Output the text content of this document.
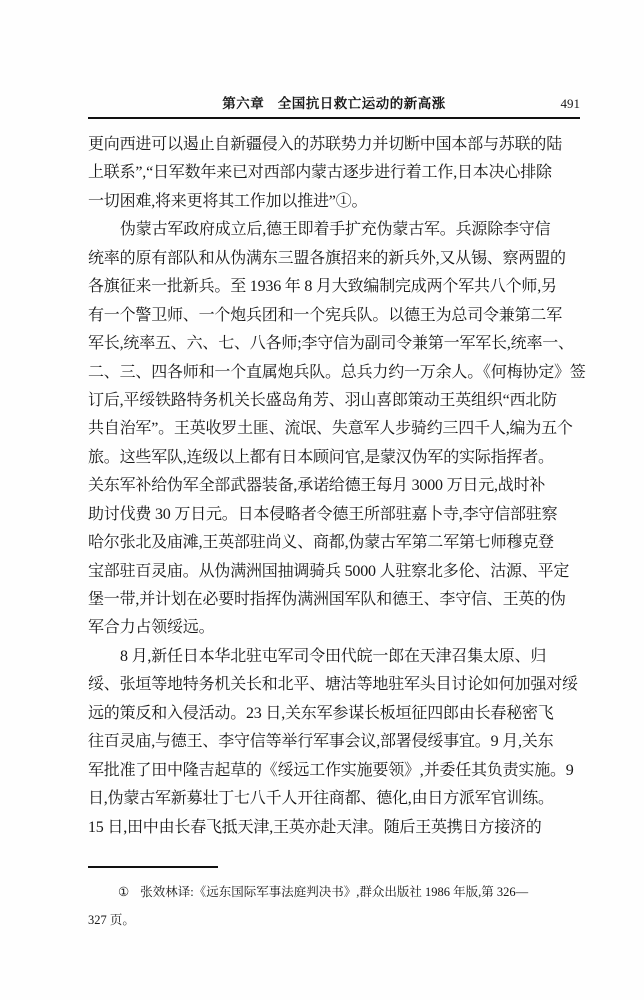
第六章 全国抗日救亡运动的新高涨	491
更向西进可以遏止自新疆侵入的苏联势力并切断中国本部与苏联的陆
上联系”,“日军数年来已对西部内蒙古逐步进行着工作,日本决心排除
一切困难,将来更将其工作加以推进”①。
伪蒙古军政府成立后,德王即着手扩充伪蒙古军。兵源除李守信
统率的原有部队和从伪满东三盟各旗招来的新兵外,又从锡、察两盟的
各旗征来一批新兵。至 1936 年 8 月大致编制完成两个军共八个师,另
有一个警卫师、一个炮兵团和一个宪兵队。以德王为总司令兼第二军
军长,统率五、六、七、八各师;李守信为副司令兼第一军军长,统率一、
二、三、四各师和一个直属炮兵队。总兵力约一万余人。《何梅协定》签
订后,平绥铁路特务机关长盛岛角芳、羽山喜郎策动王英组织“西北防
共自治军”。王英收罗土匪、流氓、失意军人步骑约三四千人,编为五个
旅。这些军队,连级以上都有日本顾问官,是蒙汉伪军的实际指挥者。
关东军补给伪军全部武器装备,承诺给德王每月 3000 万日元,战时补
助讨伐费 30 万日元。日本侵略者令德王所部驻嘉卜寺,李守信部驻察
哈尔张北及庙滩,王英部驻尚义、商都,伪蒙古军第二军第七师穆克登
宝部驻百灵庙。从伪满洲国抽调骑兵 5000 人驻察北多伦、沽源、平定
堡一带,并计划在必要时指挥伪满洲国军队和德王、李守信、王英的伪
军合力占领绥远。
8 月,新任日本华北驻屯军司令田代皖一郎在天津召集太原、归
绥、张垣等地特务机关长和北平、塘沽等地驻军头目讨论如何加强对绥
远的策反和入侵活动。23 日,关东军参谋长板垣征四郎由长春秘密飞
往百灵庙,与德王、李守信等举行军事会议,部署侵绥事宜。9 月,关东
军批准了田中隆吉起草的《绥远工作实施要领》,并委任其负责实施。9
日,伪蒙古军新募壮丁七八千人开往商都、德化,由日方派军官训练。
15 日,田中由长春飞抵天津,王英亦赴天津。随后王英携日方接济的
① 张效林译:《远东国际军事法庭判决书》,群众出版社 1986 年版,第 326—
327 页。
